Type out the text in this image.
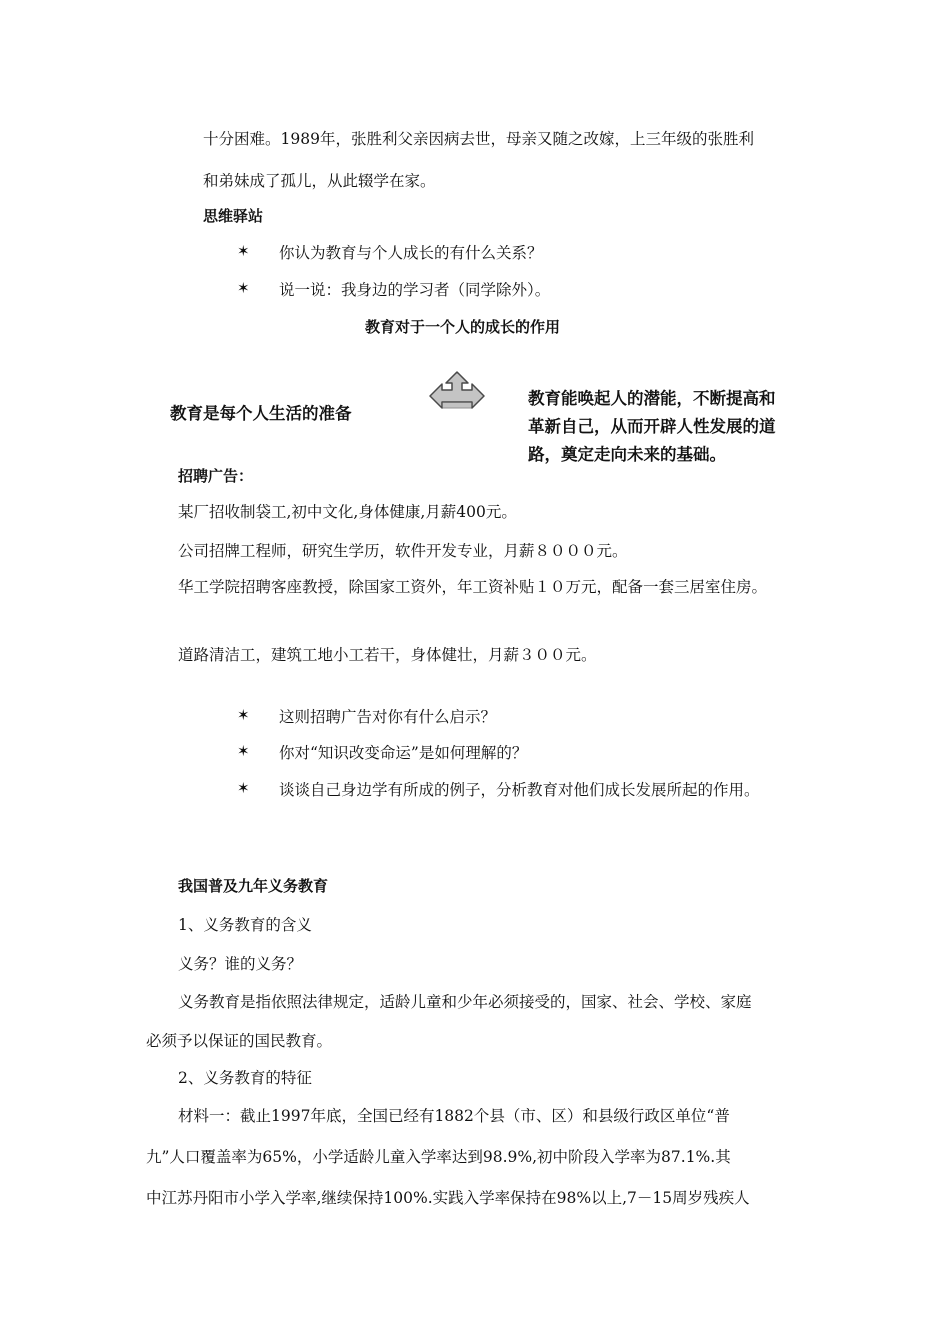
十分困难。1989年，张胜利父亲因病去世，母亲又随之改嫁，上三年级的张胜利
和弟妹成了孤儿，从此辍学在家。
思维驿站
✶ 你认为教育与个人成长的有什么关系？
✶ 说一说：我身边的学习者（同学除外）。
教育对于一个人的成长的作用
教育是每个人生活的准备
教育能唤起人的潜能，不断提高和
革新自己，从而开辟人性发展的道
路，奠定走向未来的基础。
招聘广告：
某厂招收制袋工,初中文化,身体健康,月薪400元。
公司招牌工程师，研究生学历，软件开发专业，月薪８０００元。
华工学院招聘客座教授，除国家工资外，年工资补贴１０万元，配备一套三居室住房。
道路清洁工，建筑工地小工若干，身体健壮，月薪３００元。
✶ 这则招聘广告对你有什么启示？
✶ 你对“知识改变命运”是如何理解的？
✶ 谈谈自己身边学有所成的例子，分析教育对他们成长发展所起的作用。
我国普及九年义务教育
1、义务教育的含义
义务？谁的义务？
义务教育是指依照法律规定，适龄儿童和少年必须接受的，国家、社会、学校、家庭
必须予以保证的国民教育。
2、义务教育的特征
材料一：截止1997年底，全国已经有1882个县（市、区）和县级行政区单位“普
九”人口覆盖率为65%，小学适龄儿童入学率达到98.9%,初中阶段入学率为87.1%.其
中江苏丹阳市小学入学率,继续保持100%.实践入学率保持在98%以上,7－15周岁残疾人
